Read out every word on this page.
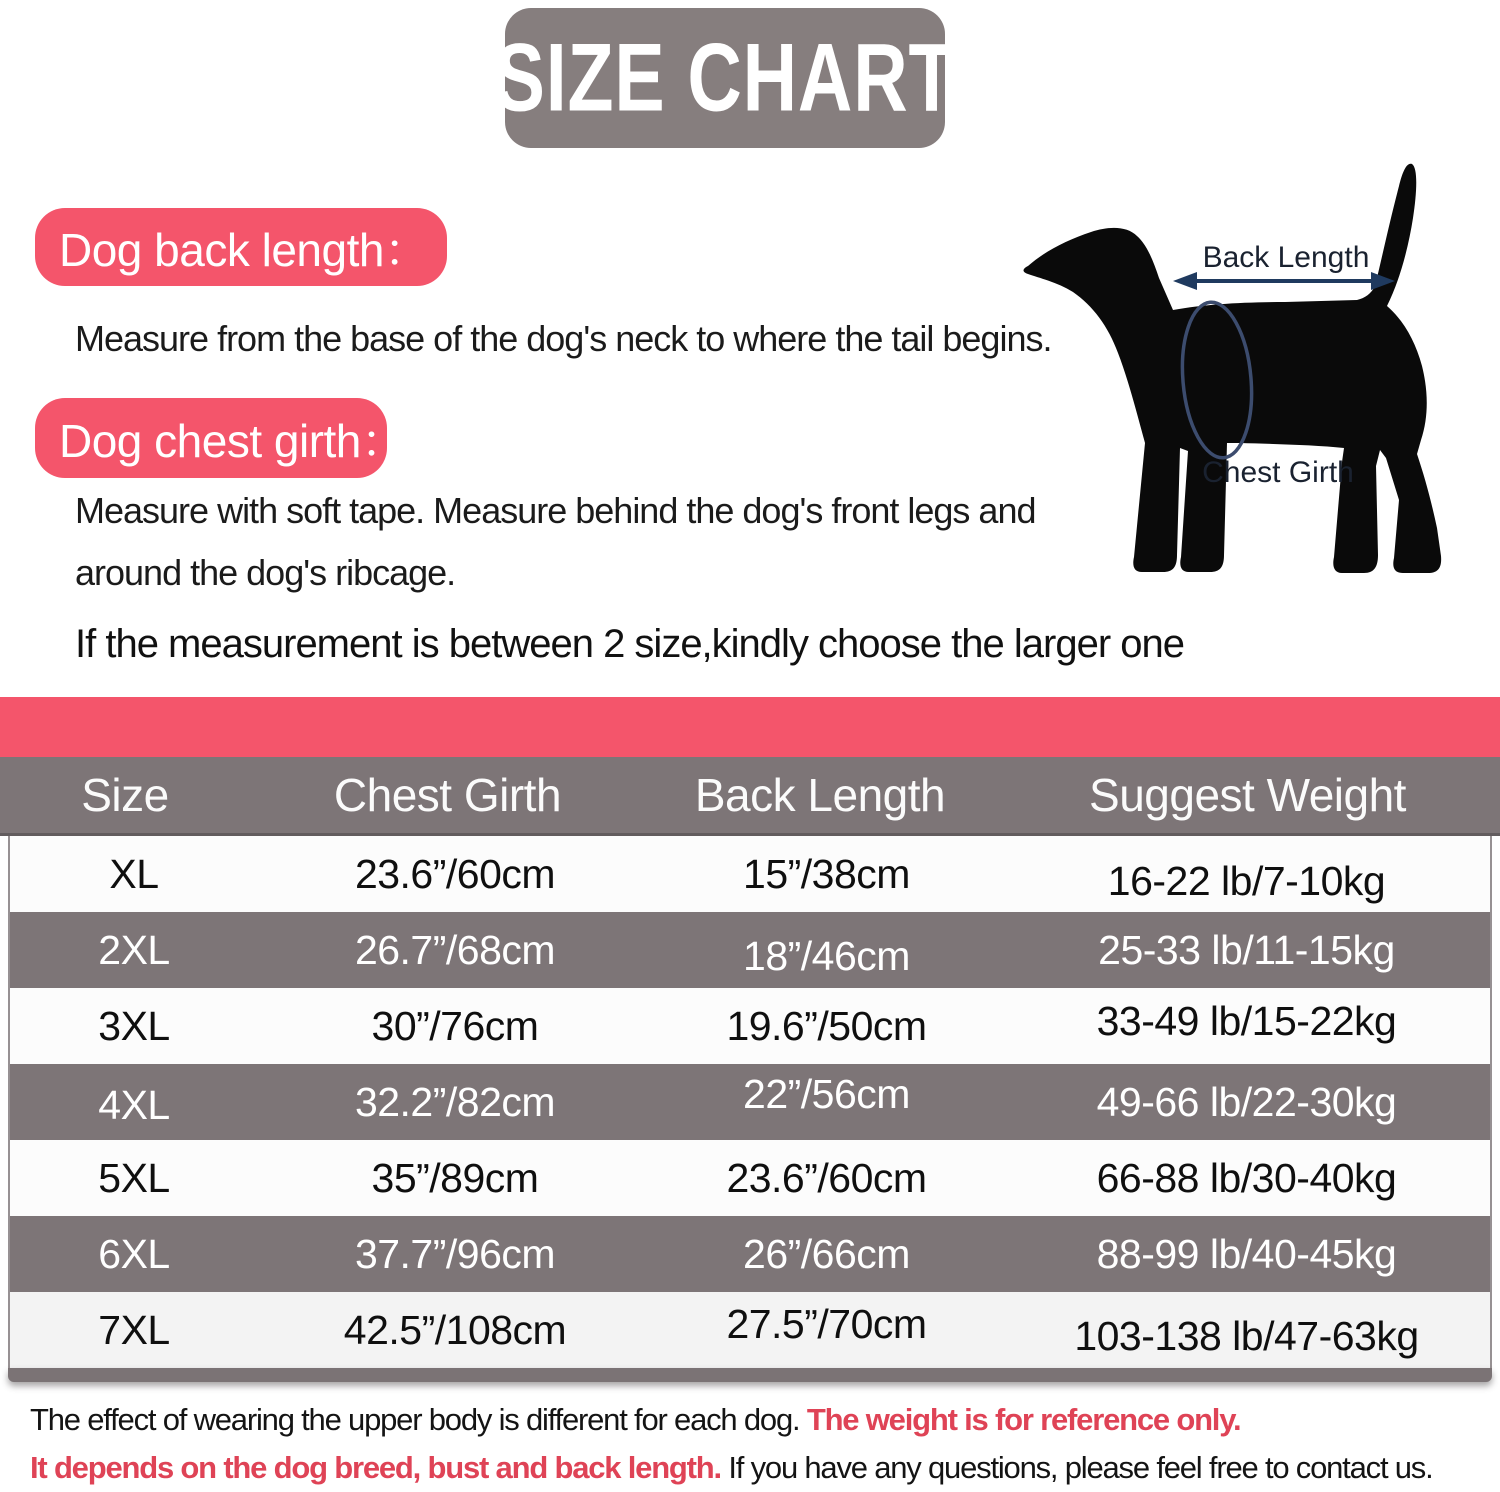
SIZE CHART
Dog back length：
Measure from the base of the dog's neck to where the tail begins.
Dog chest girth：
Measure with soft tape. Measure behind the dog's front legs and
around the dog's ribcage.
If the measurement is between 2 size,kindly choose the larger one
Back Length
Chest Girth
Size	Chest Girth	Back Length	Suggest Weight
XL	23.6”/60cm	15”/38cm	16-22 lb/7-10kg
2XL	26.7”/68cm	18”/46cm	25-33 lb/11-15kg
3XL	30”/76cm	19.6”/50cm	33-49 lb/15-22kg
4XL	32.2”/82cm	22”/56cm	49-66 lb/22-30kg
5XL	35”/89cm	23.6”/60cm	66-88 lb/30-40kg
6XL	37.7”/96cm	26”/66cm	88-99 lb/40-45kg
7XL	42.5”/108cm	27.5”/70cm	103-138 lb/47-63kg
The effect of wearing the upper body is different for each dog. The weight is for reference only.
It depends on the dog breed, bust and back length. If you have any questions, please feel free to contact us.
